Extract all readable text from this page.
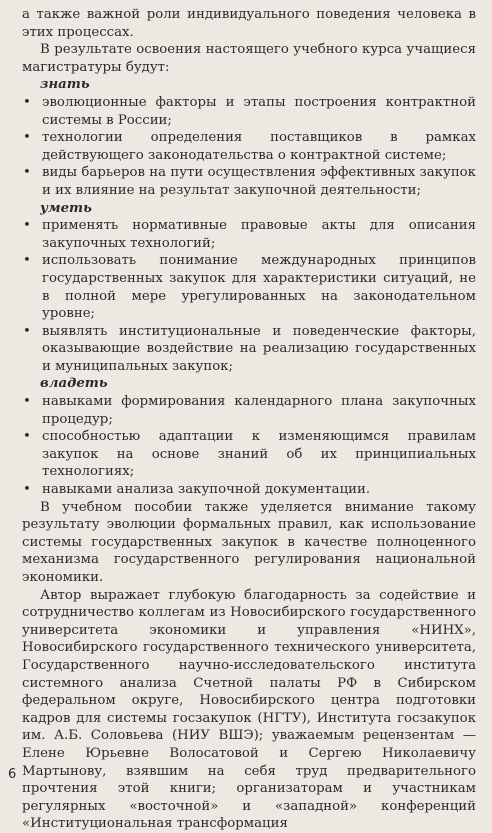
а также важной роли индивидуального поведения человека в этих процессах.

В результате освоения настоящего учебного курса учащиеся магистратуры будут:

знать

• эволюционные факторы и этапы построения контрактной системы в России;

• технологии определения поставщиков в рамках действующего законодательства о контрактной системе;

• виды барьеров на пути осуществления эффективных закупок и их влияние на результат закупочной деятельности;

уметь

• применять нормативные правовые акты для описания закупочных технологий;

• использовать понимание международных принципов государственных закупок для характеристики ситуаций, не в полной мере урегулированных на законодательном уровне;

• выявлять институциональные и поведенческие факторы, оказывающие воздействие на реализацию государственных и муниципальных закупок;

владеть

• навыками формирования календарного плана закупочных процедур;

• способностью адаптации к изменяющимся правилам закупок на основе знаний об их принципиальных технологиях;

• навыками анализа закупочной документации.

В учебном пособии также уделяется внимание такому результату эволюции формальных правил, как использование системы государственных закупок в качестве полноценного механизма государственного регулирования национальной экономики.

Автор выражает глубокую благодарность за содействие и сотрудничество коллегам из Новосибирского государственного университета экономики и управления «НИНХ», Новосибирского государственного технического университета, Государственного научно-исследовательского института системного анализа Счетной палаты РФ в Сибирском федеральном округе, Новосибирского центра подготовки кадров для системы госзакупок (НГТУ), Института госзакупок им. А.Б. Соловьева (НИУ ВШЭ); уважаемым рецензентам — Елене Юрьевне Волосатовой и Сергею Николаевичу Мартынову, взявшим на себя труд предварительного прочтения этой книги; организаторам и участникам регулярных «восточной» и «западной» конференций «Институциональная трансформация

6
